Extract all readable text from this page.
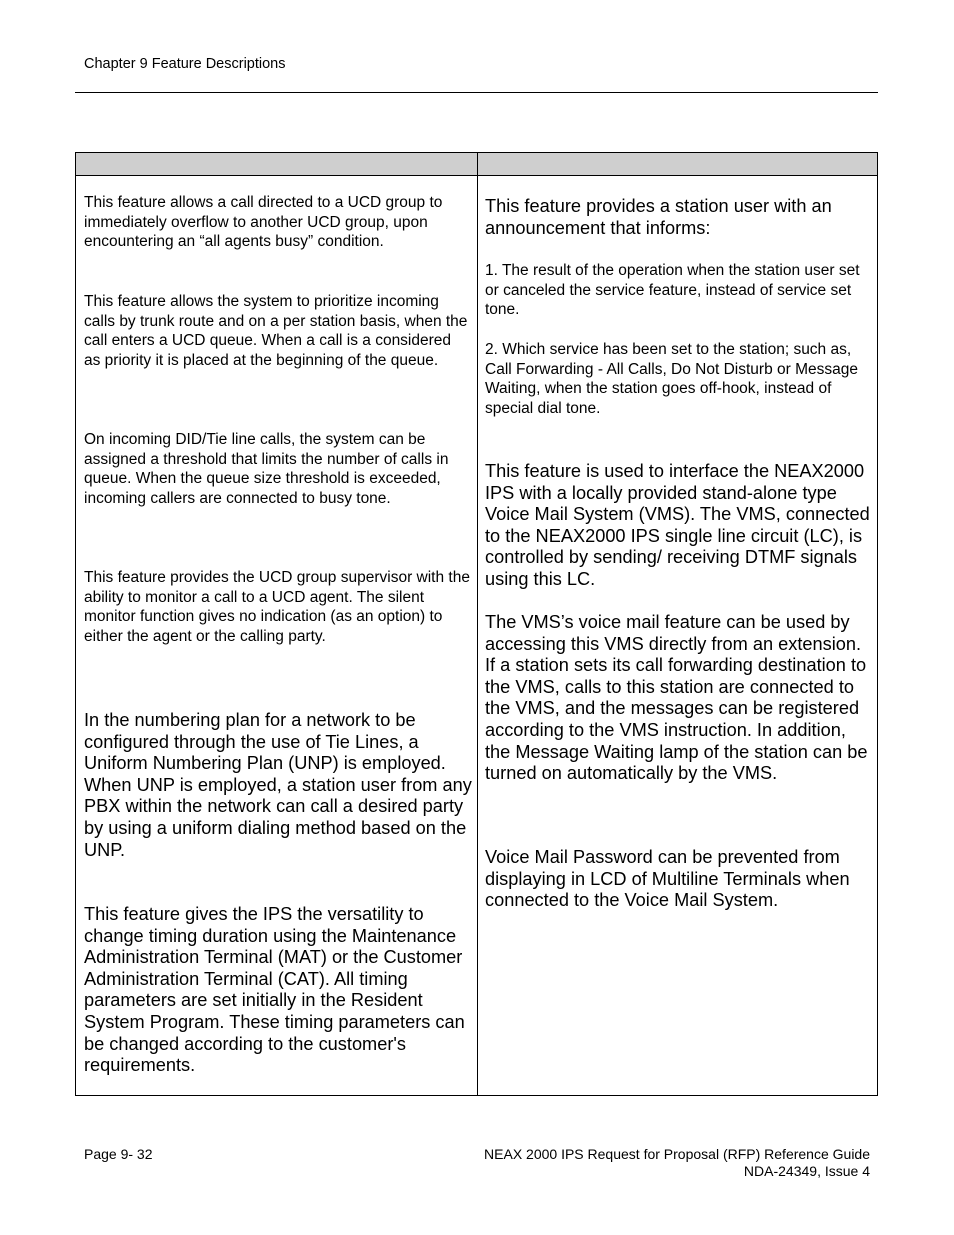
Chapter 9 Feature Descriptions

This feature allows a call directed to a UCD group to immediately overflow to another UCD group, upon encountering an “all agents busy” condition.

This feature allows the system to prioritize incoming calls by trunk route and on a per station basis, when the call enters a UCD queue. When a call is a considered as priority it is placed at the beginning of the queue.

On incoming DID/Tie line calls, the system can be assigned a threshold that limits the number of calls in queue. When the queue size threshold is exceeded, incoming callers are connected to busy tone.

This feature provides the UCD group supervisor with the ability to monitor a call to a UCD agent. The silent monitor function gives no indication (as an option) to either the agent or the calling party.

In the numbering plan for a network to be configured through the use of Tie Lines, a Uniform Numbering Plan (UNP) is employed. When UNP is employed, a station user from any PBX within the network can call a desired party by using a uniform dialing method based on the UNP.

This feature gives the IPS the versatility to change timing duration using the Maintenance Administration Terminal (MAT) or the Customer Administration Terminal (CAT). All timing parameters are set initially in the Resident System Program. These timing parameters can be changed according to the customer's requirements.

This feature provides a station user with an announcement that informs:

1. The result of the operation when the station user set or canceled the service feature, instead of service set tone.

2. Which service has been set to the station; such as, Call Forwarding - All Calls, Do Not Disturb or Message Waiting, when the station goes off-hook, instead of special dial tone.

This feature is used to interface the NEAX2000 IPS with a locally provided stand-alone type Voice Mail System (VMS). The VMS, connected to the NEAX2000 IPS single line circuit (LC), is controlled by sending/ receiving DTMF signals using this LC.

The VMS’s voice mail feature can be used by accessing this VMS directly from an extension. If a station sets its call forwarding destination to the VMS, calls to this station are connected to the VMS, and the messages can be registered according to the VMS instruction. In addition, the Message Waiting lamp of the station can be turned on automatically by the VMS.

Voice Mail Password can be prevented from displaying in LCD of Multiline Terminals when connected to the Voice Mail System.

Page 9- 32	NEAX 2000 IPS Request for Proposal (RFP) Reference Guide
NDA-24349, Issue 4
